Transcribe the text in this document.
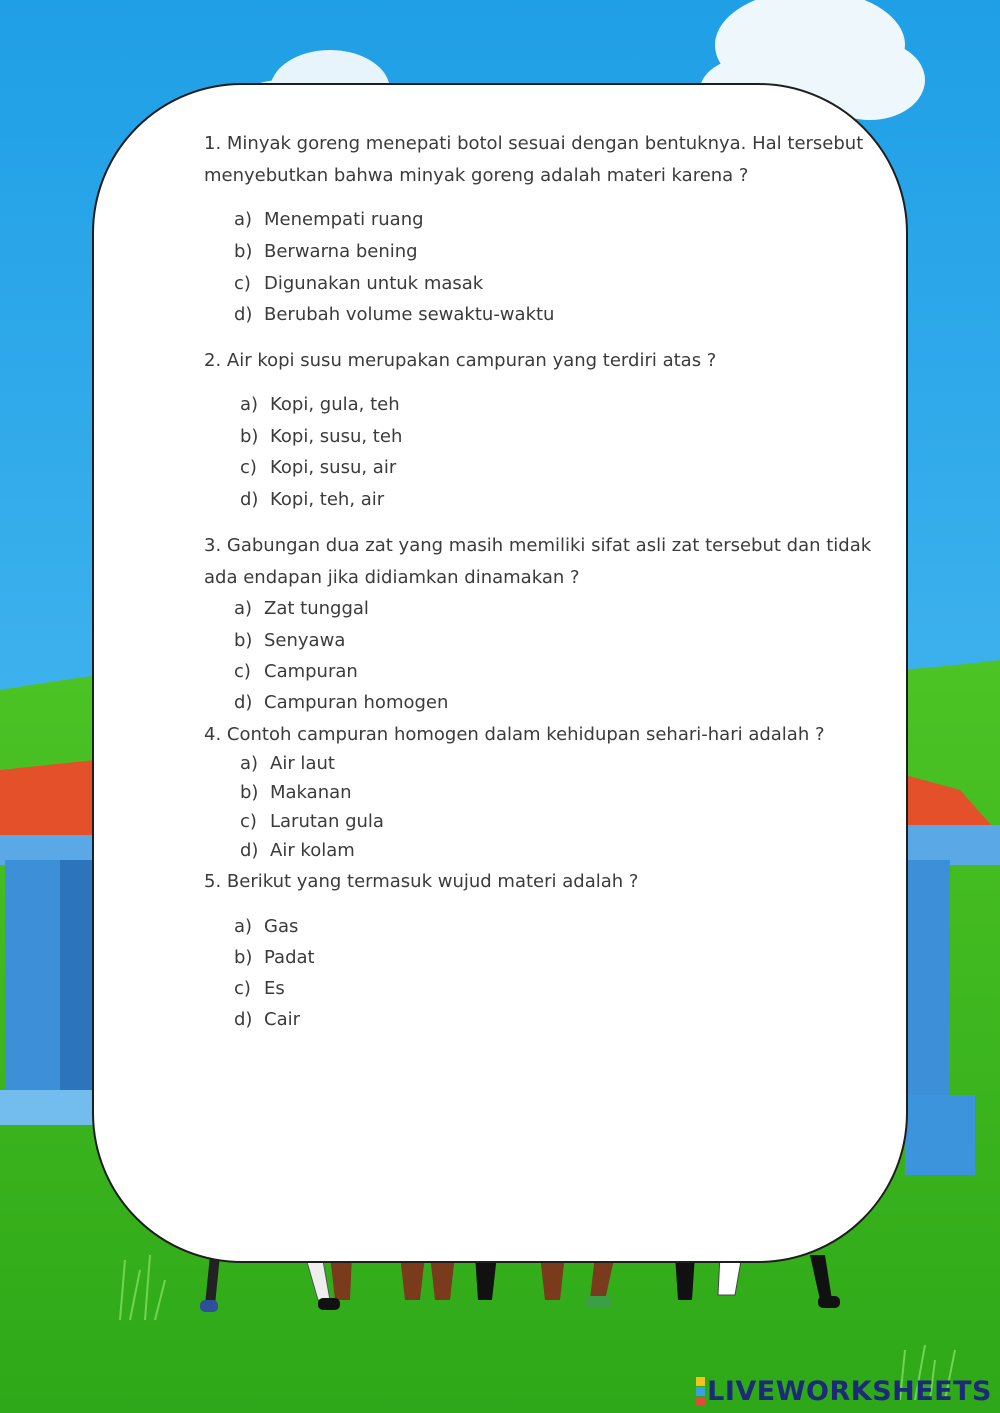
1. Minyak goreng menepati botol sesuai dengan bentuknya. Hal tersebut
menyebutkan bahwa minyak goreng adalah materi karena ?
a) Menempati ruang
b) Berwarna bening
c) Digunakan untuk masak
d) Berubah volume sewaktu-waktu
2. Air kopi susu merupakan campuran yang terdiri atas ?
a) Kopi, gula, teh
b) Kopi, susu, teh
c) Kopi, susu, air
d) Kopi, teh, air
3. Gabungan dua zat yang masih memiliki sifat asli zat tersebut dan tidak
ada endapan jika didiamkan dinamakan ?
a) Zat tunggal
b) Senyawa
c) Campuran
d) Campuran homogen
4. Contoh campuran homogen dalam kehidupan sehari-hari adalah ?
a) Air laut
b) Makanan
c) Larutan gula
d) Air kolam
5. Berikut yang termasuk wujud materi adalah ?
a) Gas
b) Padat
c) Es
d) Cair
LIVEWORKSHEETS
